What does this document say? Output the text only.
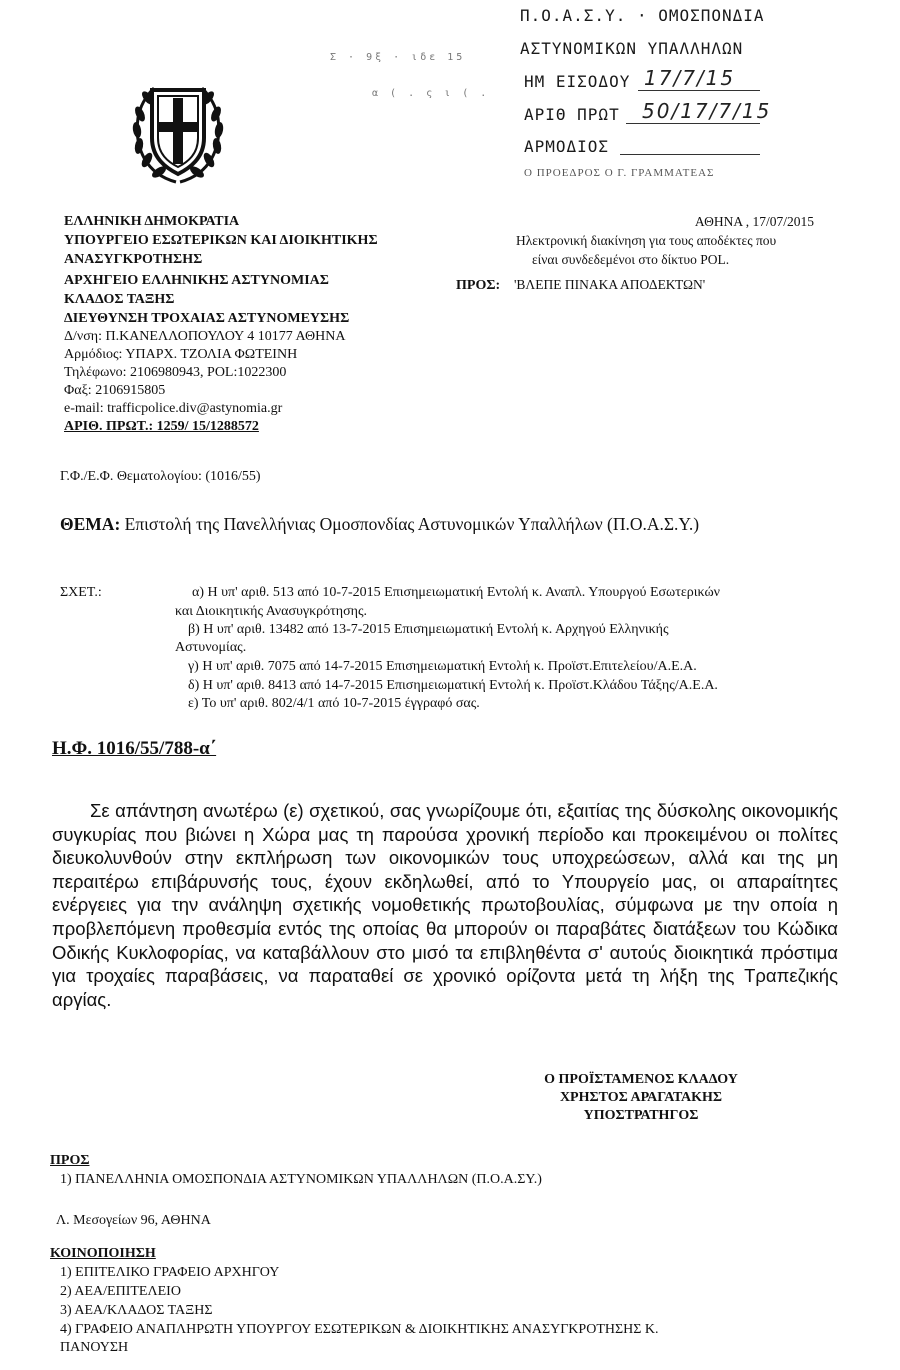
Σ · 9ξ · ιδε 15
α ( . ς ι ( .
Π.Ο.Α.Σ.Υ. · ΟΜΟΣΠΟΝΔΙΑ
ΑΣΤΥΝΟΜΙΚΩΝ ΥΠΑΛΛΗΛΩΝ
ΗΜ ΕΙΣΟΔΟΥ 17/7/15
ΑΡΙΘ ΠΡΩΤ 50/17/7/15
ΑΡΜΟΔΙΟΣ
Ο ΠΡΟΕΔΡΟΣ Ο Γ. ΓΡΑΜΜΑΤΕΑΣ
ΕΛΛΗΝΙΚΗ ΔΗΜΟΚΡΑΤΙΑ
ΥΠΟΥΡΓΕΙΟ ΕΣΩΤΕΡΙΚΩΝ ΚΑΙ ΔΙΟΙΚΗΤΙΚΗΣ
ΑΝΑΣΥΓΚΡΟΤΗΣΗΣ
ΑΡΧΗΓΕΙΟ ΕΛΛΗΝΙΚΗΣ ΑΣΤΥΝΟΜΙΑΣ
ΚΛΑΔΟΣ ΤΑΞΗΣ
ΔΙΕΥΘΥΝΣΗ ΤΡΟΧΑΙΑΣ ΑΣΤΥΝΟΜΕΥΣΗΣ
Δ/νση: Π.ΚΑΝΕΛΛΟΠΟΥΛΟΥ 4 10177 ΑΘΗΝΑ
Αρμόδιος: ΥΠΑΡΧ. ΤΖΟΛΙΑ ΦΩΤΕΙΝΗ
Τηλέφωνο: 2106980943, POL:1022300
Φαξ: 2106915805
e-mail: trafficpolice.div@astynomia.gr
ΑΡΙΘ. ΠΡΩΤ.: 1259/ 15/1288572
ΑΘΗΝΑ , 17/07/2015
Ηλεκτρονική διακίνηση για τους αποδέκτες που
είναι συνδεδεμένοι στο δίκτυο POL.
ΠΡΟΣ: 'ΒΛΕΠΕ ΠΙΝΑΚΑ ΑΠΟΔΕΚΤΩΝ'
Γ.Φ./Ε.Φ. Θεματολογίου: (1016/55)
ΘΕΜΑ: Επιστολή της Πανελλήνιας Ομοσπονδίας Αστυνομικών Υπαλλήλων (Π.Ο.Α.Σ.Υ.)
ΣΧΕΤ.:	α) Η υπ' αριθ. 513 από 10-7-2015 Επισημειωματική Εντολή κ. Αναπλ. Υπουργού Εσωτερικών
και Διοικητικής Ανασυγκρότησης.
β) Η υπ' αριθ. 13482 από 13-7-2015 Επισημειωματική Εντολή κ. Αρχηγού Ελληνικής
Αστυνομίας.
γ) Η υπ' αριθ. 7075 από 14-7-2015 Επισημειωματική Εντολή κ. Προϊστ.Επιτελείου/Α.Ε.Α.
δ) Η υπ' αριθ. 8413 από 14-7-2015 Επισημειωματική Εντολή κ. Προϊστ.Κλάδου Τάξης/Α.Ε.Α.
ε) Το υπ' αριθ. 802/4/1 από 10-7-2015 έγγραφό σας.
Η.Φ. 1016/55/788-α΄
Σε απάντηση ανωτέρω (ε) σχετικού, σας γνωρίζουμε ότι, εξαιτίας της δύσκολης οικονομικής συγκυρίας που βιώνει η Χώρα μας τη παρούσα χρονική περίοδο και προκειμένου οι πολίτες διευκολυνθούν στην εκπλήρωση των οικονομικών τους υποχρεώσεων, αλλά και της μη περαιτέρω επιβάρυνσής τους, έχουν εκδηλωθεί, από το Υπουργείο μας, οι απαραίτητες ενέργειες για την ανάληψη σχετικής νομοθετικής πρωτοβουλίας, σύμφωνα με την οποία η προβλεπόμενη προθεσμία εντός της οποίας θα μπορούν οι παραβάτες διατάξεων του Κώδικα Οδικής Κυκλοφορίας, να καταβάλλουν στο μισό τα επιβληθέντα σ' αυτούς διοικητικά πρόστιμα για τροχαίες παραβάσεις, να παραταθεί σε χρονικό ορίζοντα μετά τη λήξη της Τραπεζικής αργίας.
Ο ΠΡΟΪΣΤΑΜΕΝΟΣ ΚΛΑΔΟΥ
ΧΡΗΣΤΟΣ ΑΡΑΓΑΤΑΚΗΣ
ΥΠΟΣΤΡΑΤΗΓΟΣ
ΠΡΟΣ
1) ΠΑΝΕΛΛΗΝΙΑ ΟΜΟΣΠΟΝΔΙΑ ΑΣΤΥΝΟΜΙΚΩΝ ΥΠΑΛΛΗΛΩΝ (Π.Ο.Α.ΣΥ.)
Λ. Μεσογείων 96, ΑΘΗΝΑ
ΚΟΙΝΟΠΟΙΗΣΗ
1) ΕΠΙΤΕΛΙΚΟ ΓΡΑΦΕΙΟ ΑΡΧΗΓΟΥ
2) ΑΕΑ/ΕΠΙΤΕΛΕΙΟ
3) ΑΕΑ/ΚΛΑΔΟΣ ΤΑΞΗΣ
4) ΓΡΑΦΕΙΟ ΑΝΑΠΛΗΡΩΤΗ ΥΠΟΥΡΓΟΥ ΕΣΩΤΕΡΙΚΩΝ & ΔΙΟΙΚΗΤΙΚΗΣ ΑΝΑΣΥΓΚΡΟΤΗΣΗΣ Κ.
ΠΑΝΟΥΣΗ
